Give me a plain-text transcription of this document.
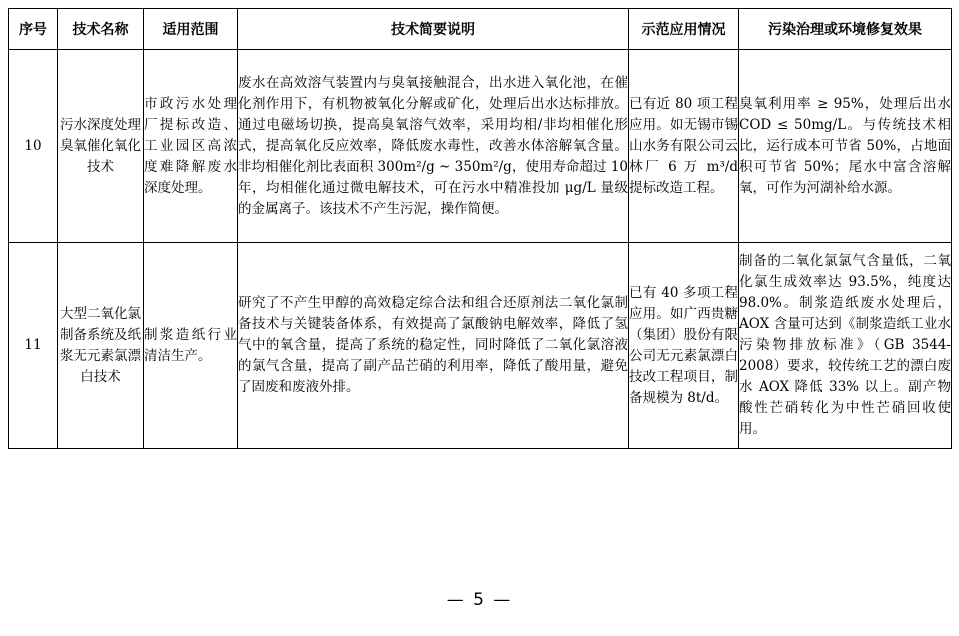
序号	技术名称	适用范围	技术简要说明	示范应用情况	污染治理或环境修复效果
10	污水深度处理臭氧催化氧化技术	市政污水处理厂提标改造、工业园区高浓度难降解废水深度处理。	废水在高效溶气装置内与臭氧接触混合，出水进入氧化池，在催化剂作用下，有机物被氧化分解或矿化，处理后出水达标排放。通过电磁场切换，提高臭氧溶气效率，采用均相/非均相催化形式，提高氧化反应效率，降低废水毒性，改善水体溶解氧含量。非均相催化剂比表面积 300m²/g ~ 350m²/g，使用寿命超过 10 年，均相催化通过微电解技术，可在污水中精准投加 μg/L 量级的金属离子。该技术不产生污泥，操作简便。	已有近 80 项工程应用。如无锡市锡山水务有限公司云林厂 6 万 m³/d 提标改造工程。	臭氧利用率 ≥ 95%，处理后出水 COD ≤ 50mg/L。与传统技术相比，运行成本可节省 50%，占地面积可节省 50%；尾水中富含溶解氧，可作为河湖补给水源。
11	大型二氧化氯制备系统及纸浆无元素氯漂白技术	制浆造纸行业清洁生产。	研究了不产生甲醇的高效稳定综合法和组合还原剂法二氧化氯制备技术与关键装备体系，有效提高了氯酸钠电解效率，降低了氢气中的氧含量，提高了系统的稳定性，同时降低了二氧化氯溶液的氯气含量，提高了副产品芒硝的利用率，降低了酸用量，避免了固废和废液外排。	已有 40 多项工程应用。如广西贵糖（集团）股份有限公司无元素氯漂白技改工程项目，制备规模为 8t/d。	制备的二氧化氯氯气含量低，二氧化氯生成效率达 93.5%，纯度达 98.0%。制浆造纸废水处理后，AOX 含量可达到《制浆造纸工业水污染物排放标准》（GB 3544-2008）要求，较传统工艺的漂白废水 AOX 降低 33% 以上。副产物酸性芒硝转化为中性芒硝回收使用。
— 5 —
